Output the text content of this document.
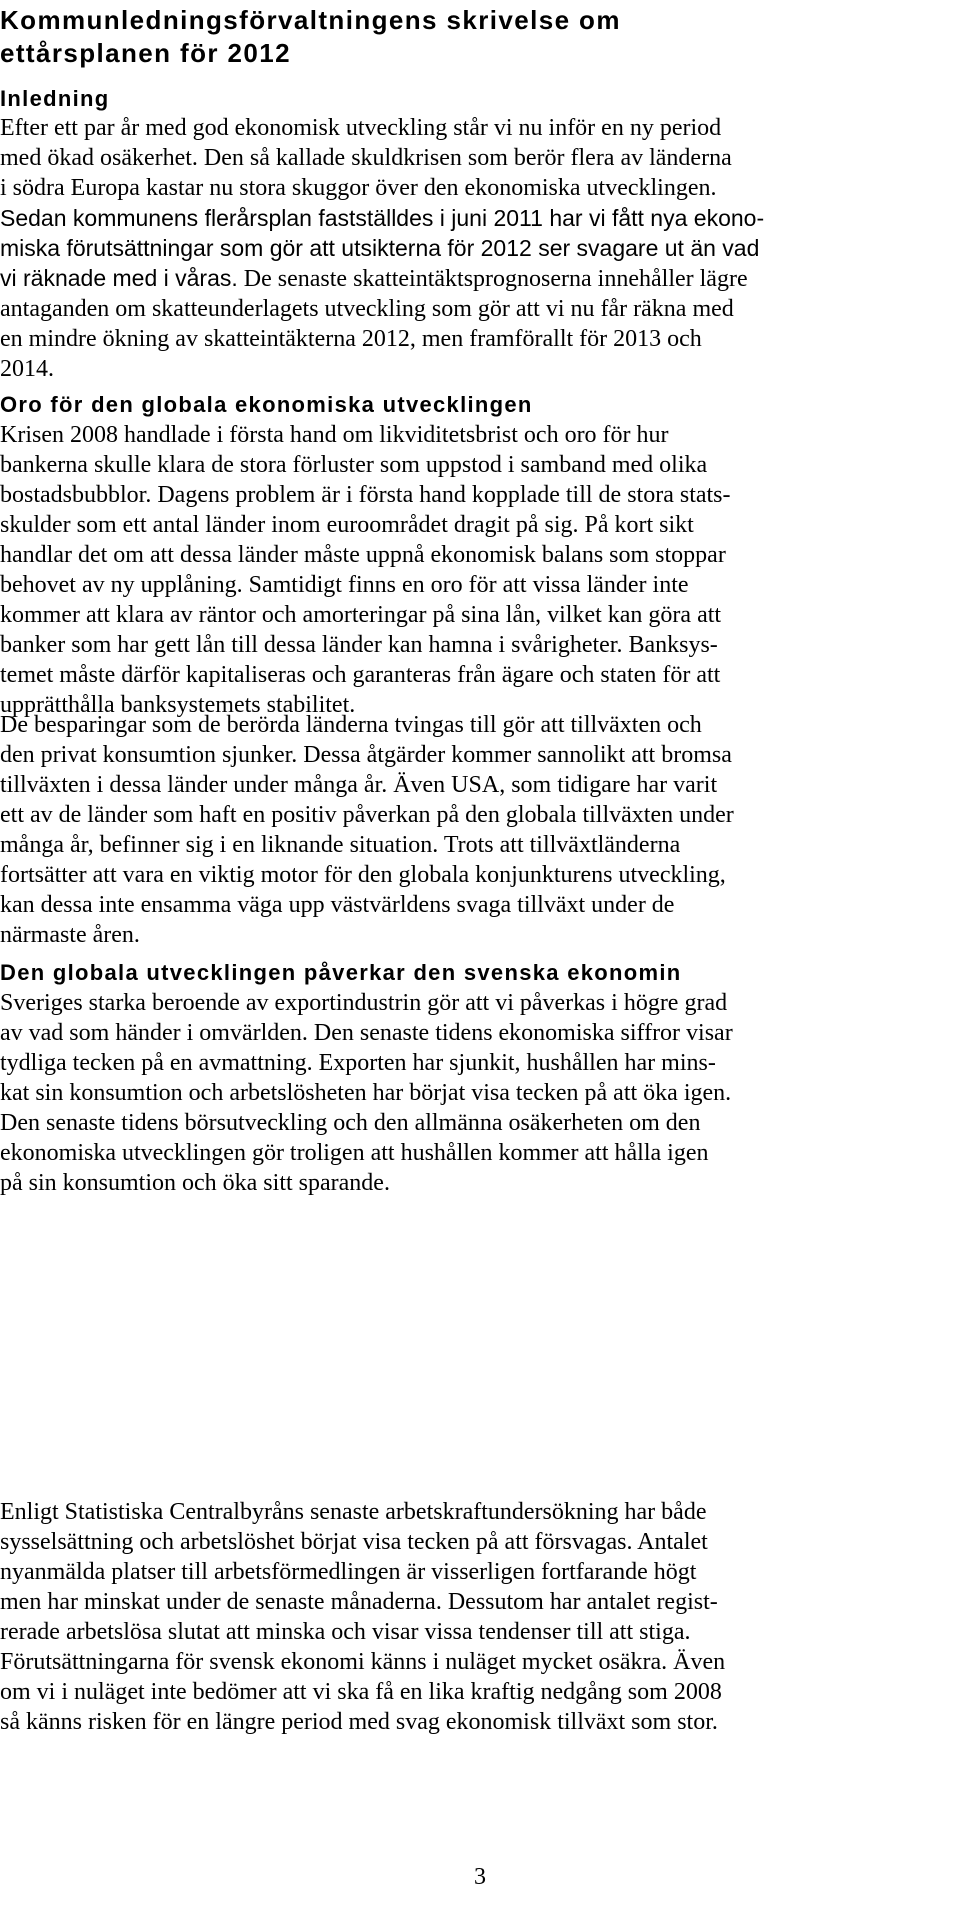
Kommunledningsförvaltningens skrivelse om
ettårsplanen för 2012
Inledning
Efter ett par år med god ekonomisk utveckling står vi nu inför en ny period
med ökad osäkerhet. Den så kallade skuldkrisen som berör flera av länderna
i södra Europa kastar nu stora skuggor över den ekonomiska utvecklingen.
Sedan kommunens flerårsplan fastställdes i juni 2011 har vi fått nya ekono-
miska förutsättningar som gör att utsikterna för 2012 ser svagare ut än vad
vi räknade med i våras. De senaste skatteintäktsprognoserna innehåller lägre
antaganden om skatteunderlagets utveckling som gör att vi nu får räkna med
en mindre ökning av skatteintäkterna 2012, men framförallt för 2013 och
2014.
Oro för den globala ekonomiska utvecklingen
Krisen 2008 handlade i första hand om likviditetsbrist och oro för hur
bankerna skulle klara de stora förluster som uppstod i samband med olika
bostadsbubblor. Dagens problem är i första hand kopplade till de stora stats-
skulder som ett antal länder inom euroområdet dragit på sig. På kort sikt
handlar det om att dessa länder måste uppnå ekonomisk balans som stoppar
behovet av ny upplåning. Samtidigt finns en oro för att vissa länder inte
kommer att klara av räntor och amorteringar på sina lån, vilket kan göra att
banker som har gett lån till dessa länder kan hamna i svårigheter. Banksys-
temet måste därför kapitaliseras och garanteras från ägare och staten för att
upprätthålla banksystemets stabilitet.
De besparingar som de berörda länderna tvingas till gör att tillväxten och
den privat konsumtion sjunker. Dessa åtgärder kommer sannolikt att bromsa
tillväxten i dessa länder under många år. Även USA, som tidigare har varit
ett av de länder som haft en positiv påverkan på den globala tillväxten under
många år, befinner sig i en liknande situation. Trots att tillväxtländerna
fortsätter att vara en viktig motor för den globala konjunkturens utveckling,
kan dessa inte ensamma väga upp västvärldens svaga tillväxt under de
närmaste åren.
Den globala utvecklingen påverkar den svenska ekonomin
Sveriges starka beroende av exportindustrin gör att vi påverkas i högre grad
av vad som händer i omvärlden. Den senaste tidens ekonomiska siffror visar
tydliga tecken på en avmattning. Exporten har sjunkit, hushållen har mins-
kat sin konsumtion och arbetslösheten har börjat visa tecken på att öka igen.
Den senaste tidens börsutveckling och den allmänna osäkerheten om den
ekonomiska utvecklingen gör troligen att hushållen kommer att hålla igen
på sin konsumtion och öka sitt sparande.
Enligt Statistiska Centralbyråns senaste arbetskraftundersökning har både
sysselsättning och arbetslöshet börjat visa tecken på att försvagas. Antalet
nyanmälda platser till arbetsförmedlingen är visserligen fortfarande högt
men har minskat under de senaste månaderna. Dessutom har antalet regist-
rerade arbetslösa slutat att minska och visar vissa tendenser till att stiga.
Förutsättningarna för svensk ekonomi känns i nuläget mycket osäkra. Även
om vi i nuläget inte bedömer att vi ska få en lika kraftig nedgång som 2008
så känns risken för en längre period med svag ekonomisk tillväxt som stor.
3
